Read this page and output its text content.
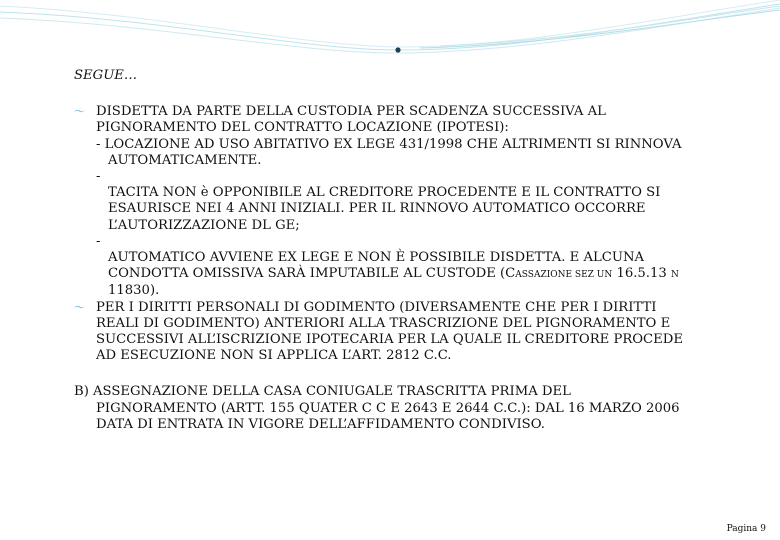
SEGUE…
〜 DISDETTA DA PARTE DELLA CUSTODIA PER SCADENZA SUCCESSIVA AL
PIGNORAMENTO DEL CONTRATTO LOCAZIONE (IPOTESI):
- LOCAZIONE AD USO ABITATIVO EX LEGE 431/1998 CHE ALTRIMENTI SI RINNOVA
AUTOMATICAMENTE.
-
TACITA NON è OPPONIBILE AL CREDITORE PROCEDENTE E IL CONTRATTO SI
ESAURISCE NEI 4 ANNI INIZIALI. PER IL RINNOVO AUTOMATICO OCCORRE
L’AUTORIZZAZIONE DL GE;
-
AUTOMATICO AVVIENE EX LEGE E NON È POSSIBILE DISDETTA. E ALCUNA
CONDOTTA OMISSIVA SARÀ IMPUTABILE AL CUSTODE (CASSAZIONE SEZ UN 16.5.13 N
11830).
〜 PER I DIRITTI PERSONALI DI GODIMENTO (DIVERSAMENTE CHE PER I DIRITTI
REALI DI GODIMENTO) ANTERIORI ALLA TRASCRIZIONE DEL PIGNORAMENTO E
SUCCESSIVI ALL’ISCRIZIONE IPOTECARIA PER LA QUALE IL CREDITORE PROCEDE
AD ESECUZIONE NON SI APPLICA L’ART. 2812 C.C.
B) ASSEGNAZIONE DELLA CASA CONIUGALE TRASCRITTA PRIMA DEL
PIGNORAMENTO (ARTT. 155 QUATER C C E 2643 E 2644 C.C.): DAL 16 MARZO 2006
DATA DI ENTRATA IN VIGORE DELL’AFFIDAMENTO CONDIVISO.
Pagina 9
